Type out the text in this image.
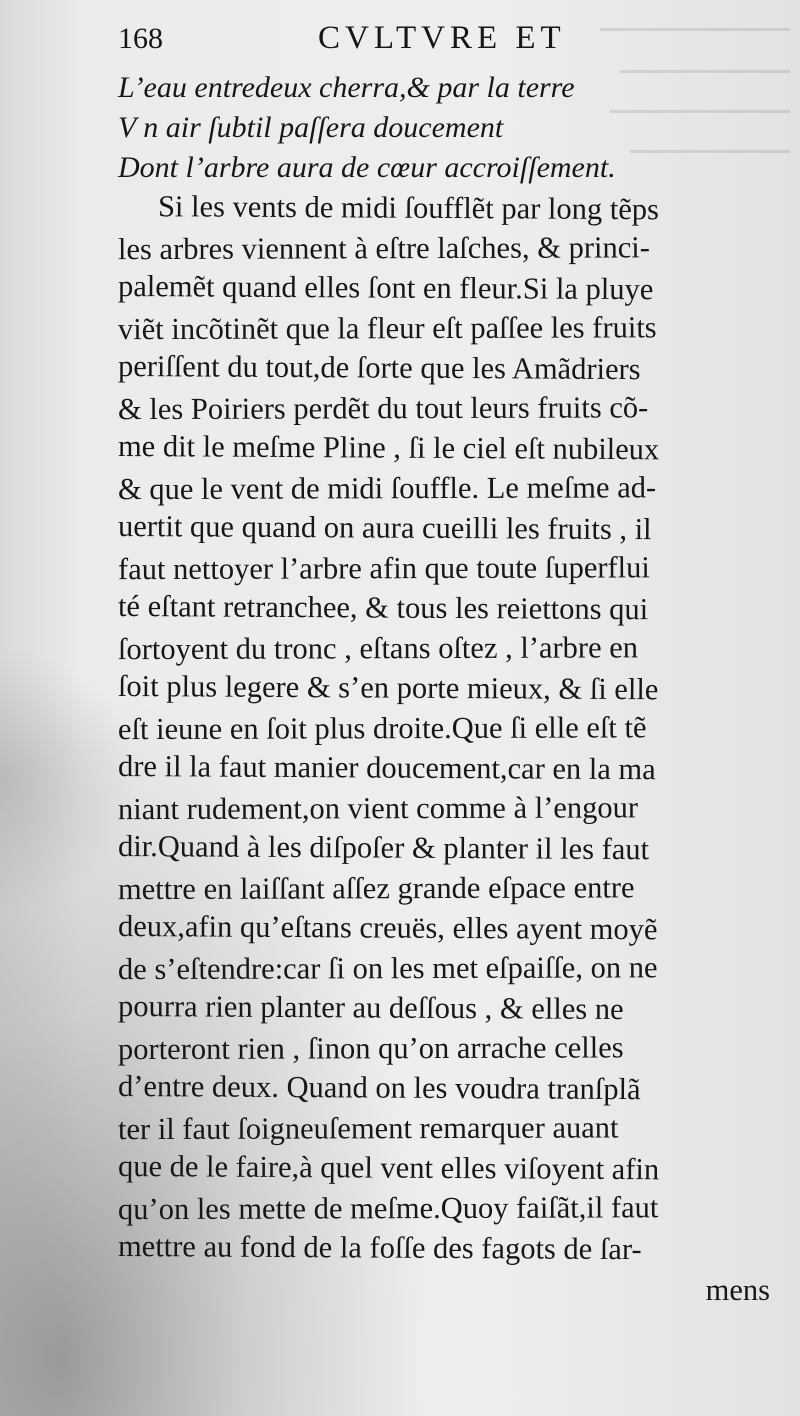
168	CVLTVRE ET
L’eau entredeux cherra,& par la terre
V n air ſubtil paſſera doucement
Dont l’arbre aura de cœur accroiſſement.
Si les vents de midi ſoufflẽt par long tẽps
les arbres viennent à eſtre laſches, & princi-
palemẽt quand elles ſont en fleur.Si la pluye
viẽt incõtinẽt que la fleur eſt paſſee les fruits
periſſent du tout,de ſorte que les Amãdriers
& les Poiriers perdẽt du tout leurs fruits cõ-
me dit le meſme Pline , ſi le ciel eſt nubileux
& que le vent de midi ſouffle. Le meſme ad-
uertit que quand on aura cueilli les fruits , il
faut nettoyer l’arbre afin que toute ſuperflui
té eſtant retranchee, & tous les reiettons qui
ſortoyent du tronc , eſtans oſtez , l’arbre en
ſoit plus legere & s’en porte mieux, & ſi elle
eſt ieune en ſoit plus droite.Que ſi elle eſt tẽ
dre il la faut manier doucement,car en la ma
niant rudement,on vient comme à l’engour
dir.Quand à les diſpoſer & planter il les faut
mettre en laiſſant aſſez grande eſpace entre
deux,afin qu’eſtans creuës, elles ayent moyẽ
de s’eſtendre:car ſi on les met eſpaiſſe, on ne
pourra rien planter au deſſous , & elles ne
porteront rien , ſinon qu’on arrache celles
d’entre deux. Quand on les voudra tranſplã
ter il faut ſoigneuſement remarquer auant
que de le faire,à quel vent elles viſoyent afin
qu’on les mette de meſme.Quoy faiſãt,il faut
mettre au fond de la foſſe des fagots de ſar-
mens
